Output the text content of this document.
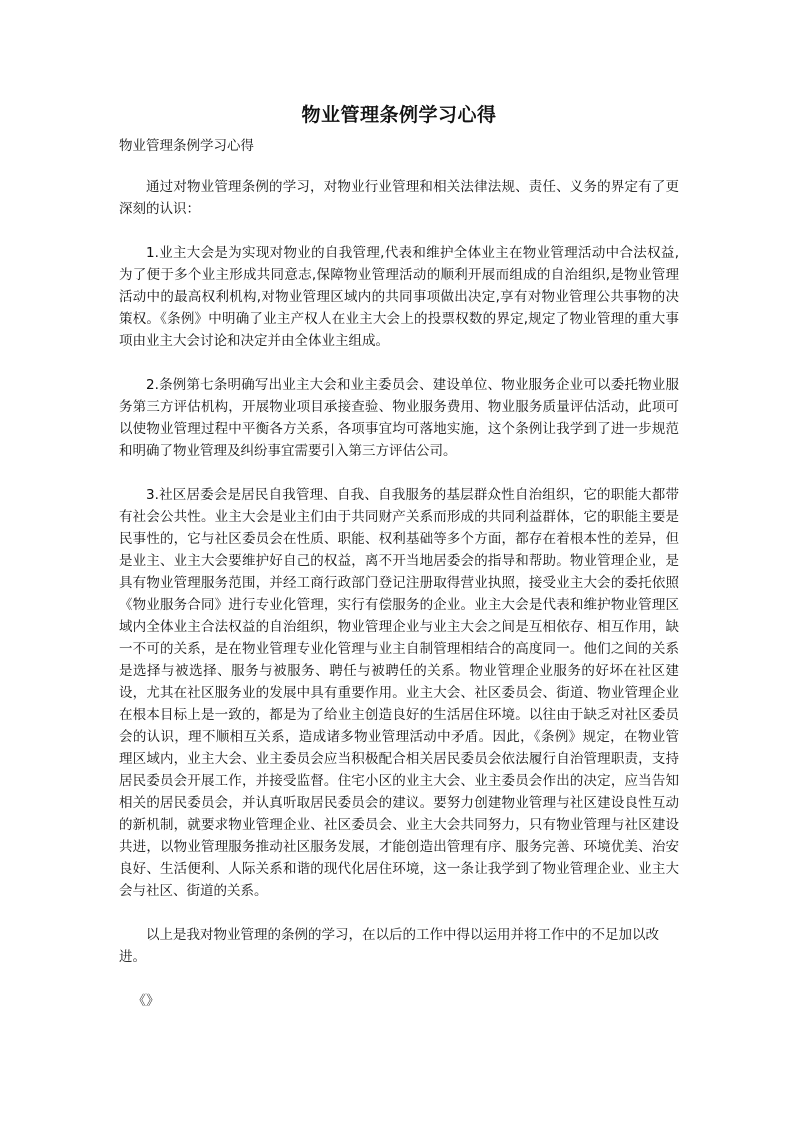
物业管理条例学习心得

物业管理条例学习心得

通过对物业管理条例的学习，对物业行业管理和相关法律法规、责任、义务的界定有了更深刻的认识：

1.业主大会是为实现对物业的自我管理,代表和维护全体业主在物业管理活动中合法权益,为了便于多个业主形成共同意志,保障物业管理活动的顺利开展而组成的自治组织,是物业管理活动中的最高权利机构,对物业管理区域内的共同事项做出决定,享有对物业管理公共事物的决策权。《条例》中明确了业主产权人在业主大会上的投票权数的界定,规定了物业管理的重大事项由业主大会讨论和决定并由全体业主组成。

2.条例第七条明确写出业主大会和业主委员会、建设单位、物业服务企业可以委托物业服务第三方评估机构，开展物业项目承接查验、物业服务费用、物业服务质量评估活动，此项可以使物业管理过程中平衡各方关系，各项事宜均可落地实施，这个条例让我学到了进一步规范和明确了物业管理及纠纷事宜需要引入第三方评估公司。

3.社区居委会是居民自我管理、自我、自我服务的基层群众性自治组织，它的职能大都带有社会公共性。业主大会是业主们由于共同财产关系而形成的共同利益群体，它的职能主要是民事性的，它与社区委员会在性质、职能、权利基础等多个方面，都存在着根本性的差异，但是业主、业主大会要维护好自己的权益，离不开当地居委会的指导和帮助。物业管理企业，是具有物业管理服务范围，并经工商行政部门登记注册取得营业执照，接受业主大会的委托依照《物业服务合同》进行专业化管理，实行有偿服务的企业。业主大会是代表和维护物业管理区域内全体业主合法权益的自治组织，物业管理企业与业主大会之间是互相依存、相互作用，缺一不可的关系，是在物业管理专业化管理与业主自制管理相结合的高度同一。他们之间的关系是选择与被选择、服务与被服务、聘任与被聘任的关系。物业管理企业服务的好坏在社区建设，尤其在社区服务业的发展中具有重要作用。业主大会、社区委员会、街道、物业管理企业在根本目标上是一致的，都是为了给业主创造良好的生活居住环境。以往由于缺乏对社区委员会的认识，理不顺相互关系，造成诸多物业管理活动中矛盾。因此，《条例》规定，在物业管理区域内，业主大会、业主委员会应当积极配合相关居民委员会依法履行自治管理职责，支持居民委员会开展工作，并接受监督。住宅小区的业主大会、业主委员会作出的决定，应当告知相关的居民委员会，并认真听取居民委员会的建议。要努力创建物业管理与社区建设良性互动的新机制，就要求物业管理企业、社区委员会、业主大会共同努力，只有物业管理与社区建设共进，以物业管理服务推动社区服务发展，才能创造出管理有序、服务完善、环境优美、治安良好、生活便利、人际关系和谐的现代化居住环境，这一条让我学到了物业管理企业、业主大会与社区、街道的关系。

以上是我对物业管理的条例的学习，在以后的工作中得以运用并将工作中的不足加以改进。

《》
